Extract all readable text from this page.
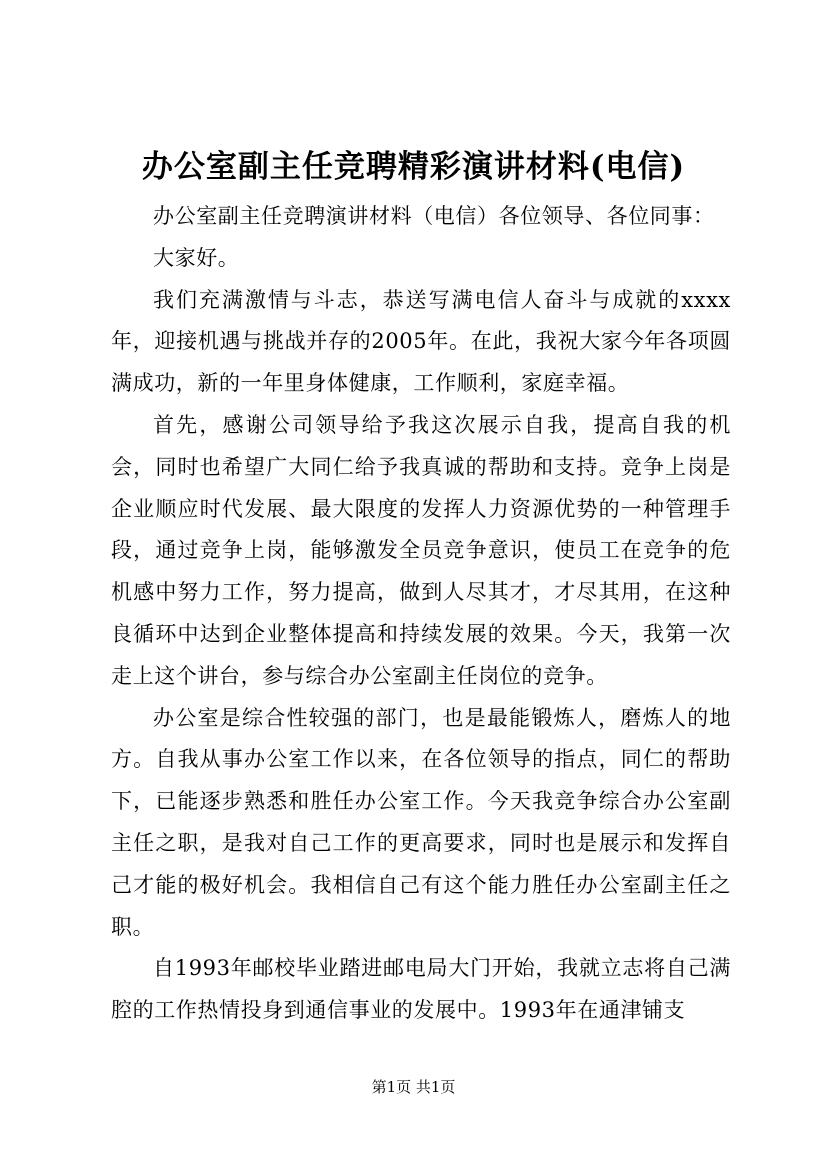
办公室副主任竞聘精彩演讲材料(电信)

办公室副主任竞聘演讲材料（电信）各位领导、各位同事：

大家好。

我们充满激情与斗志，恭送写满电信人奋斗与成就的xxxx年，迎接机遇与挑战并存的2005年。在此，我祝大家今年各项圆满成功，新的一年里身体健康，工作顺利，家庭幸福。

首先，感谢公司领导给予我这次展示自我，提高自我的机会，同时也希望广大同仁给予我真诚的帮助和支持。竞争上岗是企业顺应时代发展、最大限度的发挥人力资源优势的一种管理手段，通过竞争上岗，能够激发全员竞争意识，使员工在竞争的危机感中努力工作，努力提高，做到人尽其才，才尽其用，在这种良循环中达到企业整体提高和持续发展的效果。今天，我第一次走上这个讲台，参与综合办公室副主任岗位的竞争。

办公室是综合性较强的部门，也是最能锻炼人，磨炼人的地方。自我从事办公室工作以来，在各位领导的指点，同仁的帮助下，已能逐步熟悉和胜任办公室工作。今天我竞争综合办公室副主任之职，是我对自己工作的更高要求，同时也是展示和发挥自己才能的极好机会。我相信自己有这个能力胜任办公室副主任之职。

自1993年邮校毕业踏进邮电局大门开始，我就立志将自己满腔的工作热情投身到通信事业的发展中。1993年在通津铺支

第1页 共1页
